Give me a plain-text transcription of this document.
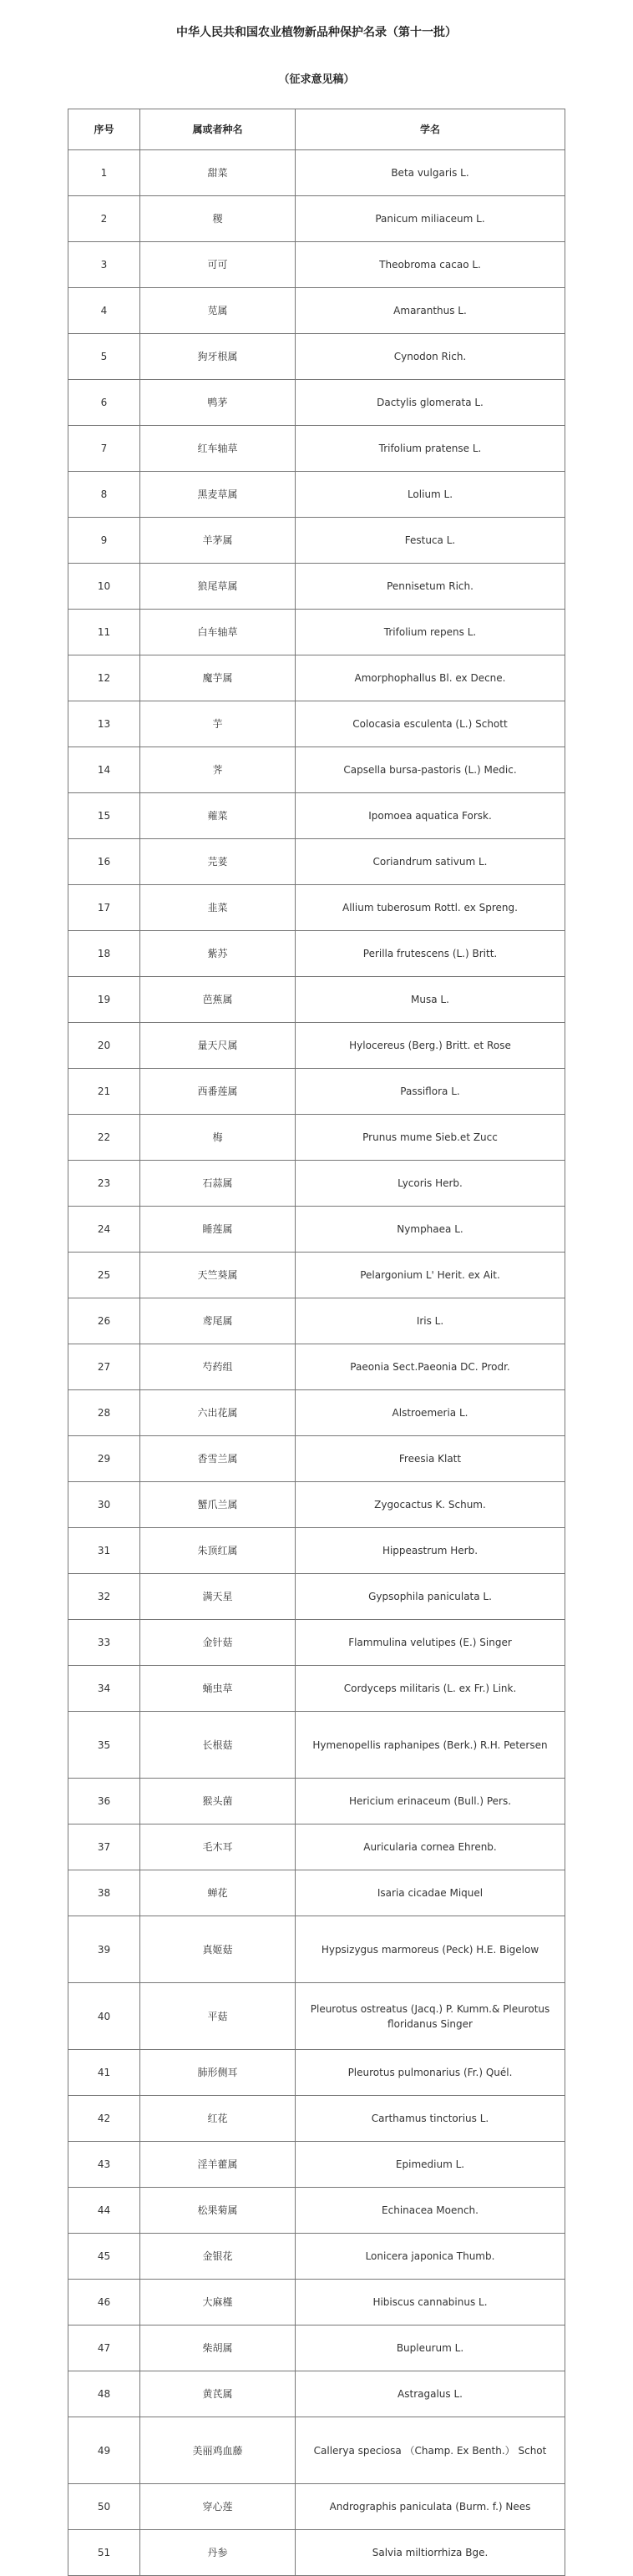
中华人民共和国农业植物新品种保护名录（第十一批）
（征求意见稿）
序号	属或者种名	学名
1	甜菜	Beta vulgaris L.
2	稷	Panicum miliaceum L.
3	可可	Theobroma cacao L.
4	苋属	Amaranthus L.
5	狗牙根属	Cynodon Rich.
6	鸭茅	Dactylis glomerata L.
7	红车轴草	Trifolium pratense L.
8	黑麦草属	Lolium L.
9	羊茅属	Festuca L.
10	狼尾草属	Pennisetum Rich.
11	白车轴草	Trifolium repens L.
12	魔芋属	Amorphophallus Bl. ex Decne.
13	芋	Colocasia esculenta (L.) Schott
14	荠	Capsella bursa-pastoris (L.) Medic.
15	蕹菜	Ipomoea aquatica Forsk.
16	芫荽	Coriandrum sativum L.
17	韭菜	Allium tuberosum Rottl. ex Spreng.
18	紫苏	Perilla frutescens (L.) Britt.
19	芭蕉属	Musa L.
20	量天尺属	Hylocereus (Berg.) Britt. et Rose
21	西番莲属	Passiflora L.
22	梅	Prunus mume Sieb.et Zucc
23	石蒜属	Lycoris Herb.
24	睡莲属	Nymphaea L.
25	天竺葵属	Pelargonium L' Herit. ex Ait.
26	鸢尾属	Iris L.
27	芍药组	Paeonia Sect.Paeonia DC. Prodr.
28	六出花属	Alstroemeria L.
29	香雪兰属	Freesia Klatt
30	蟹爪兰属	Zygocactus K. Schum.
31	朱顶红属	Hippeastrum Herb.
32	满天星	Gypsophila paniculata L.
33	金针菇	Flammulina velutipes (E.) Singer
34	蛹虫草	Cordyceps militaris (L. ex Fr.) Link.
35	长根菇	Hymenopellis raphanipes (Berk.) R.H. Petersen
36	猴头菌	Hericium erinaceum (Bull.) Pers.
37	毛木耳	Auricularia cornea Ehrenb.
38	蝉花	Isaria cicadae Miquel
39	真姬菇	Hypsizygus marmoreus (Peck) H.E. Bigelow
40	平菇	Pleurotus ostreatus (Jacq.) P. Kumm.& Pleurotus floridanus Singer
41	肺形侧耳	Pleurotus pulmonarius (Fr.) Quél.
42	红花	Carthamus tinctorius L.
43	淫羊藿属	Epimedium L.
44	松果菊属	Echinacea Moench.
45	金银花	Lonicera japonica Thumb.
46	大麻槿	Hibiscus cannabinus L.
47	柴胡属	Bupleurum L.
48	黄芪属	Astragalus L.
49	美丽鸡血藤	Callerya speciosa （Champ. Ex Benth.） Schot
50	穿心莲	Andrographis paniculata (Burm. f.) Nees
51	丹参	Salvia miltiorrhiza Bge.
